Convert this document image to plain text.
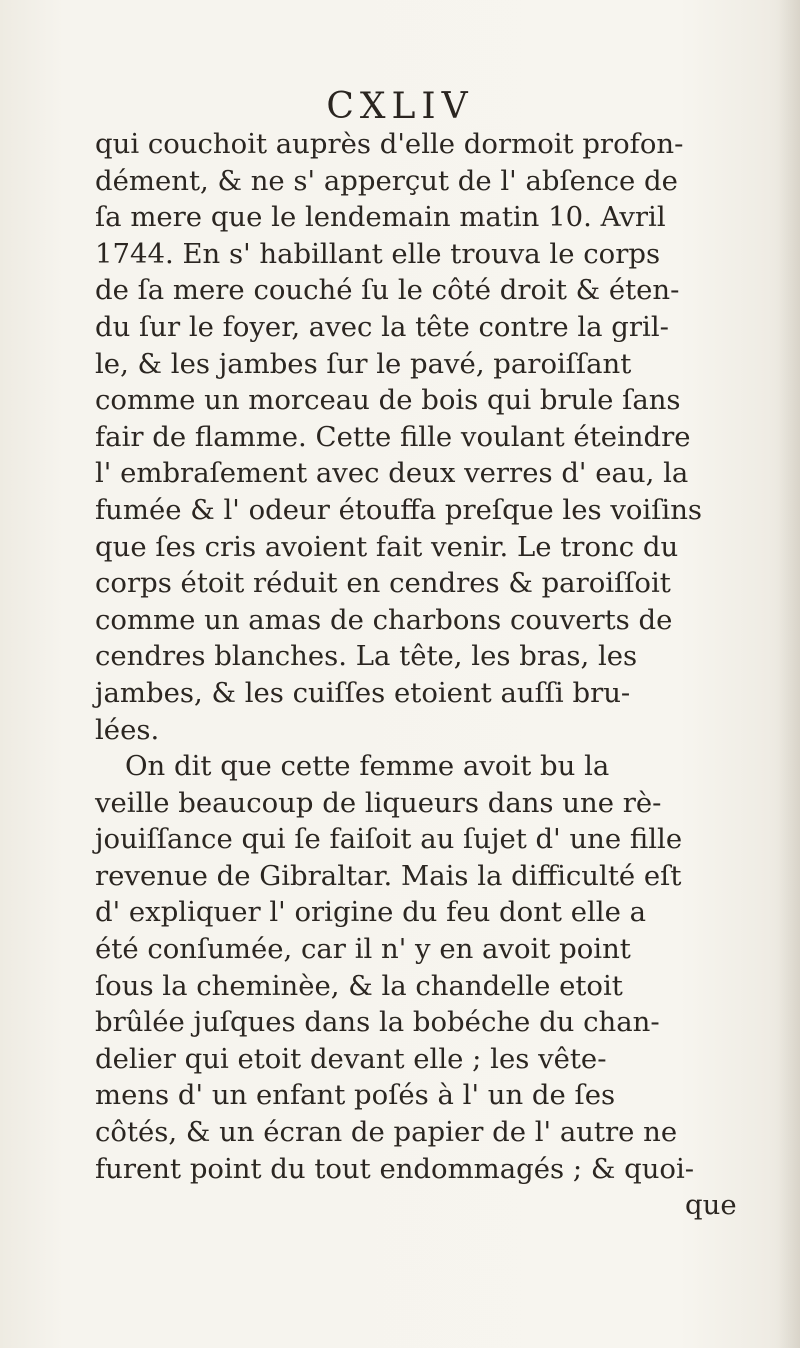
CXLIV
qui couchoit auprès d'elle dormoit profon-
dément, & ne s' apperçut de l' abſence de
ſa mere que le lendemain matin 10. Avril
1744. En s' habillant elle trouva le corps
de ſa mere couché ſu le côté droit & éten-
du ſur le foyer, avec la tête contre la gril-
le, & les jambes ſur le pavé, paroiſſant
comme un morceau de bois qui brule ſans
fair de flamme. Cette fille voulant éteindre
l' embraſement avec deux verres d' eau, la
fumée & l' odeur étouffa preſque les voiſins
que ſes cris avoient fait venir. Le tronc du
corps étoit réduit en cendres & paroiſſoit
comme un amas de charbons couverts de
cendres blanches. La tête, les bras, les
jambes, & les cuiſſes etoient auſſi bru-
lées.
On dit que cette femme avoit bu la
veille beaucoup de liqueurs dans une rè-
jouiſſance qui ſe faiſoit au ſujet d' une fille
revenue de Gibraltar. Mais la difficulté eſt
d' expliquer l' origine du feu dont elle a
été conſumée, car il n' y en avoit point
ſous la cheminèe, & la chandelle etoit
brûlée juſques dans la bobéche du chan-
delier qui etoit devant elle ; les vête-
mens d' un enfant poſés à l' un de ſes
côtés, & un écran de papier de l' autre ne
furent point du tout endommagés ; & quoi-
que
